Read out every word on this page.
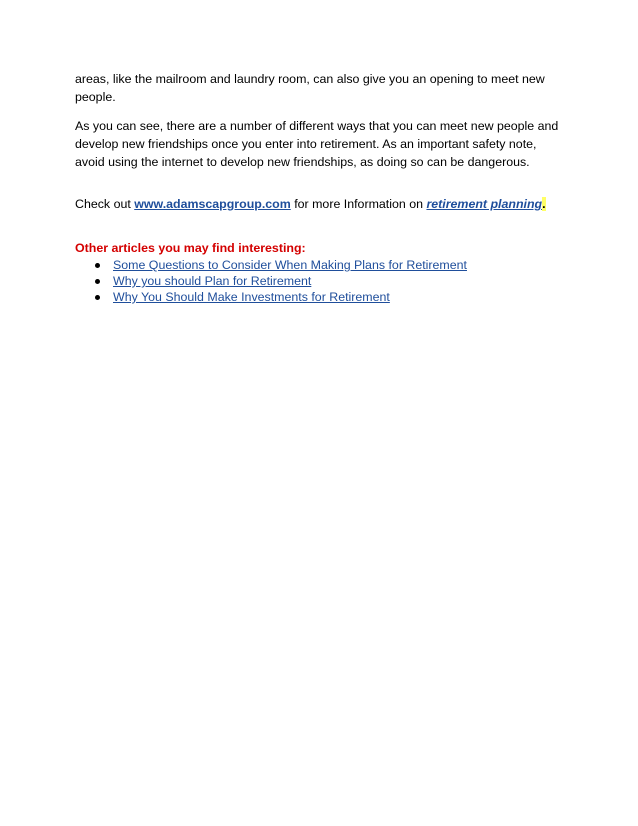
areas, like the mailroom and laundry room, can also give you an opening to meet new people.

As you can see, there are a number of different ways that you can meet new people and develop new friendships once you enter into retirement. As an important safety note, avoid using the internet to develop new friendships, as doing so can be dangerous.

Check out www.adamscapgroup.com for more Information on retirement planning.

Other articles you may find interesting:

Some Questions to Consider When Making Plans for Retirement
Why you should Plan for Retirement
Why You Should Make Investments for Retirement
